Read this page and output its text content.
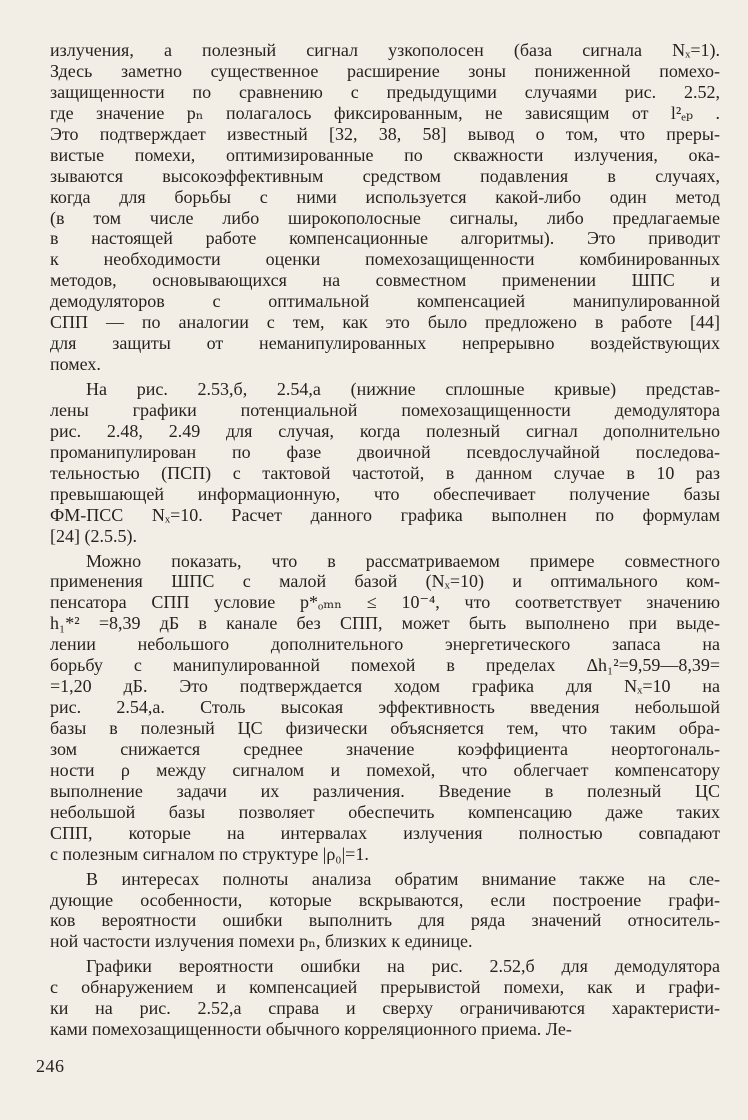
излучения, а полезный сигнал узкополосен (база сигнала Nₓ=1).
Здесь заметно существенное расширение зоны пониженной помехо-
защищенности по сравнению с предыдущими случаями рис. 2.52,
где значение pₙ полагалось фиксированным, не зависящим от l²ₑₚ .
Это подтверждает известный [32, 38, 58] вывод о том, что преры-
вистые помехи, оптимизированные по скважности излучения, ока-
зываются высокоэффективным средством подавления в случаях,
когда для борьбы с ними используется какой-либо один метод
(в том числе либо широкополосные сигналы, либо предлагаемые
в настоящей работе компенсационные алгоритмы). Это приводит
к необходимости оценки помехозащищенности комбинированных
методов, основывающихся на совместном применении ШПС и
демодуляторов с оптимальной компенсацией манипулированной
СПП — по аналогии с тем, как это было предложено в работе [44]
для защиты от неманипулированных непрерывно воздействующих
помех.
На рис. 2.53,б, 2.54,а (нижние сплошные кривые) представ-
лены графики потенциальной помехозащищенности демодулятора
рис. 2.48, 2.49 для случая, когда полезный сигнал дополнительно
проманипулирован по фазе двоичной псевдослучайной последова-
тельностью (ПСП) с тактовой частотой, в данном случае в 10 раз
превышающей информационную, что обеспечивает получение базы
ФМ-ПСС Nₓ=10. Расчет данного графика выполнен по формулам
[24] (2.5.5).
Можно показать, что в рассматриваемом примере совместного
применения ШПС с малой базой (Nₓ=10) и оптимального ком-
пенсатора СПП условие p*ₒₘₙ ≤ 10⁻⁴, что соответствует значению
h₁*² =8,39 дБ в канале без СПП, может быть выполнено при выде-
лении небольшого дополнительного энергетического запаса на
борьбу с манипулированной помехой в пределах Δh₁²=9,59—8,39=
=1,20 дБ. Это подтверждается ходом графика для Nₓ=10 на
рис. 2.54,а. Столь высокая эффективность введения небольшой
базы в полезный ЦС физически объясняется тем, что таким обра-
зом снижается среднее значение коэффициента неортогональ-
ности ρ между сигналом и помехой, что облегчает компенсатору
выполнение задачи их различения. Введение в полезный ЦС
небольшой базы позволяет обеспечить компенсацию даже таких
СПП, которые на интервалах излучения полностью совпадают
с полезным сигналом по структуре |ρ₀|=1.
В интересах полноты анализа обратим внимание также на сле-
дующие особенности, которые вскрываются, если построение графи-
ков вероятности ошибки выполнить для ряда значений относитель-
ной частости излучения помехи pₙ, близких к единице.
Графики вероятности ошибки на рис. 2.52,б для демодулятора
с обнаружением и компенсацией прерывистой помехи, как и графи-
ки на рис. 2.52,а справа и сверху ограничиваются характеристи-
ками помехозащищенности обычного корреляционного приема. Ле-
246
